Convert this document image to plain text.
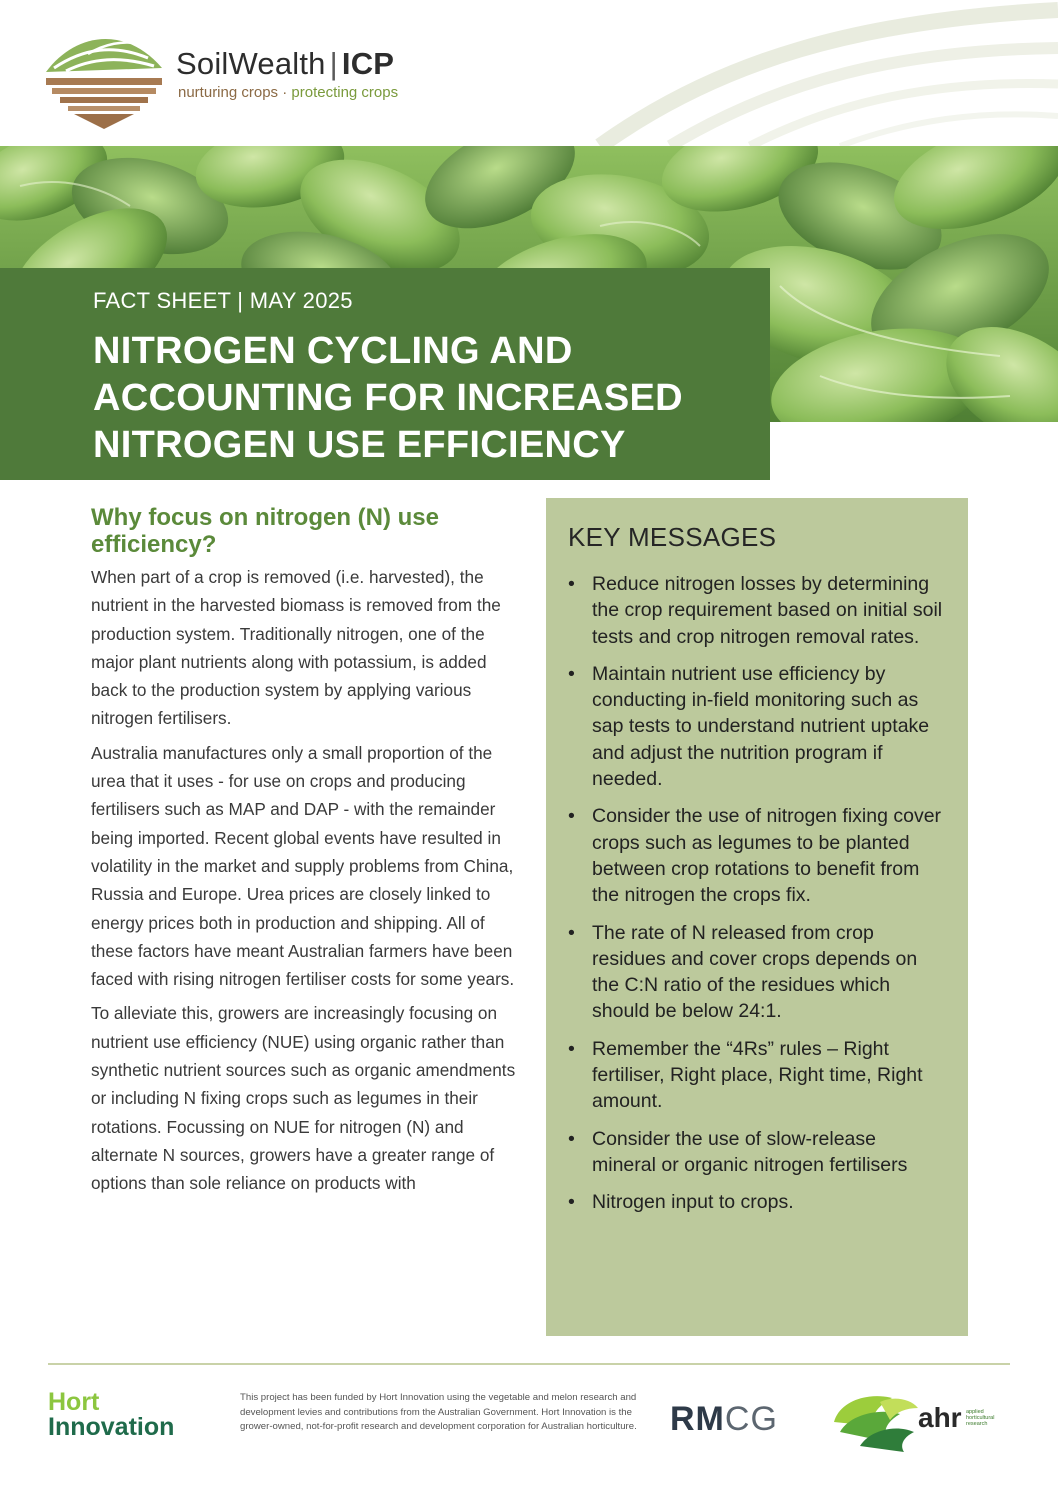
SoilWealth | ICP
nurturing crops · protecting crops
FACT SHEET | MAY 2025
NITROGEN CYCLING AND
ACCOUNTING FOR INCREASED
NITROGEN USE EFFICIENCY
Why focus on nitrogen (N) use
efficiency?

When part of a crop is removed (i.e. harvested), the nutrient in the harvested biomass is removed from the production system. Traditionally nitrogen, one of the major plant nutrients along with potassium, is added back to the production system by applying various nitrogen fertilisers.

Australia manufactures only a small proportion of the urea that it uses - for use on crops and producing fertilisers such as MAP and DAP - with the remainder being imported. Recent global events have resulted in volatility in the market and supply problems from China, Russia and Europe. Urea prices are closely linked to energy prices both in production and shipping. All of these factors have meant Australian farmers have been faced with rising nitrogen fertiliser costs for some years.

To alleviate this, growers are increasingly focusing on nutrient use efficiency (NUE) using organic rather than synthetic nutrient sources such as organic amendments or including N fixing crops such as legumes in their rotations. Focussing on NUE for nitrogen (N) and alternate N sources, growers have a greater range of options than sole reliance on products with

KEY MESSAGES
• Reduce nitrogen losses by determining the crop requirement based on initial soil tests and crop nitrogen removal rates.
• Maintain nutrient use efficiency by conducting in-field monitoring such as sap tests to understand nutrient uptake and adjust the nutrition program if needed.
• Consider the use of nitrogen fixing cover crops such as legumes to be planted between crop rotations to benefit from the nitrogen the crops fix.
• The rate of N released from crop residues and cover crops depends on the C:N ratio of the residues which should be below 24:1.
• Remember the “4Rs” rules – Right fertiliser, Right place, Right time, Right amount.
• Consider the use of slow-release mineral or organic nitrogen fertilisers
• Nitrogen input to crops.
Hort
Innovation
This project has been funded by Hort Innovation using the vegetable and melon research and development levies and contributions from the Australian Government. Hort Innovation is the grower-owned, not-for-profit research and development corporation for Australian horticulture. RMCG	ahr applied horticultural research
